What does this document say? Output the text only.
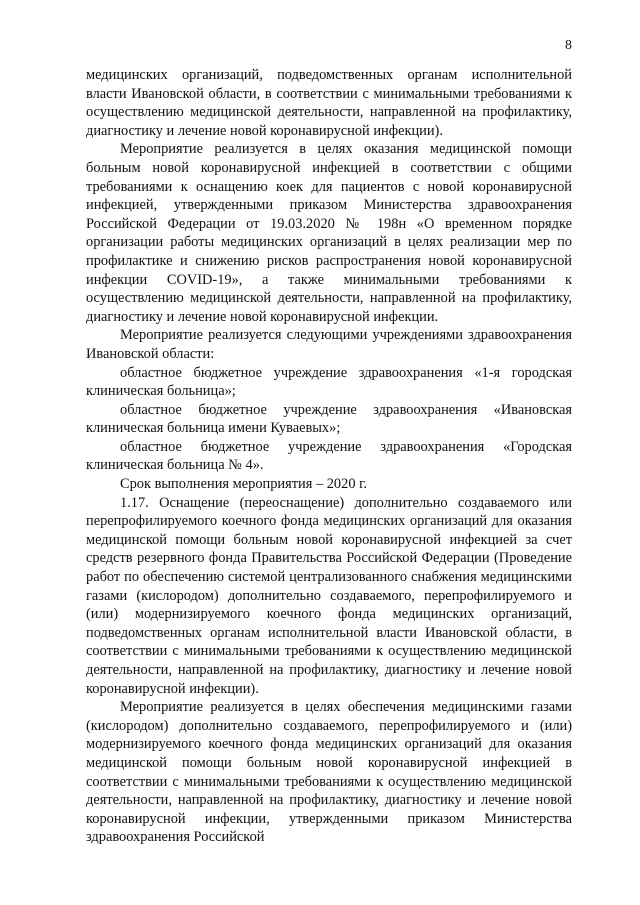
8

медицинских организаций, подведомственных органам исполнительной власти Ивановской области, в соответствии с минимальными требованиями к осуществлению медицинской деятельности, направленной на профилактику, диагностику и лечение новой коронавирусной инфекции).

Мероприятие реализуется в целях оказания медицинской помощи больным новой коронавирусной инфекцией в соответствии с общими требованиями к оснащению коек для пациентов с новой коронавирусной инфекцией, утвержденными приказом Министерства здравоохранения Российской Федерации от 19.03.2020 № 198н «О временном порядке организации работы медицинских организаций в целях реализации мер по профилактике и снижению рисков распространения новой коронавирусной инфекции COVID-19», а также минимальными требованиями к осуществлению медицинской деятельности, направленной на профилактику, диагностику и лечение новой коронавирусной инфекции.

Мероприятие реализуется следующими учреждениями здравоохранения Ивановской области:

областное бюджетное учреждение здравоохранения «1-я городская клиническая больница»;

областное бюджетное учреждение здравоохранения «Ивановская клиническая больница имени Куваевых»;

областное бюджетное учреждение здравоохранения «Городская клиническая больница № 4».

Срок выполнения мероприятия – 2020 г.

1.17. Оснащение (переоснащение) дополнительно создаваемого или перепрофилируемого коечного фонда медицинских организаций для оказания медицинской помощи больным новой коронавирусной инфекцией за счет средств резервного фонда Правительства Российской Федерации (Проведение работ по обеспечению системой централизованного снабжения медицинскими газами (кислородом) дополнительно создаваемого, перепрофилируемого и (или) модернизируемого коечного фонда медицинских организаций, подведомственных органам исполнительной власти Ивановской области, в соответствии с минимальными требованиями к осуществлению медицинской деятельности, направленной на профилактику, диагностику и лечение новой коронавирусной инфекции).

Мероприятие реализуется в целях обеспечения медицинскими газами (кислородом) дополнительно создаваемого, перепрофилируемого и (или) модернизируемого коечного фонда медицинских организаций для оказания медицинской помощи больным новой коронавирусной инфекцией в соответствии с минимальными требованиями к осуществлению медицинской деятельности, направленной на профилактику, диагностику и лечение новой коронавирусной инфекции, утвержденными приказом Министерства здравоохранения Российской
